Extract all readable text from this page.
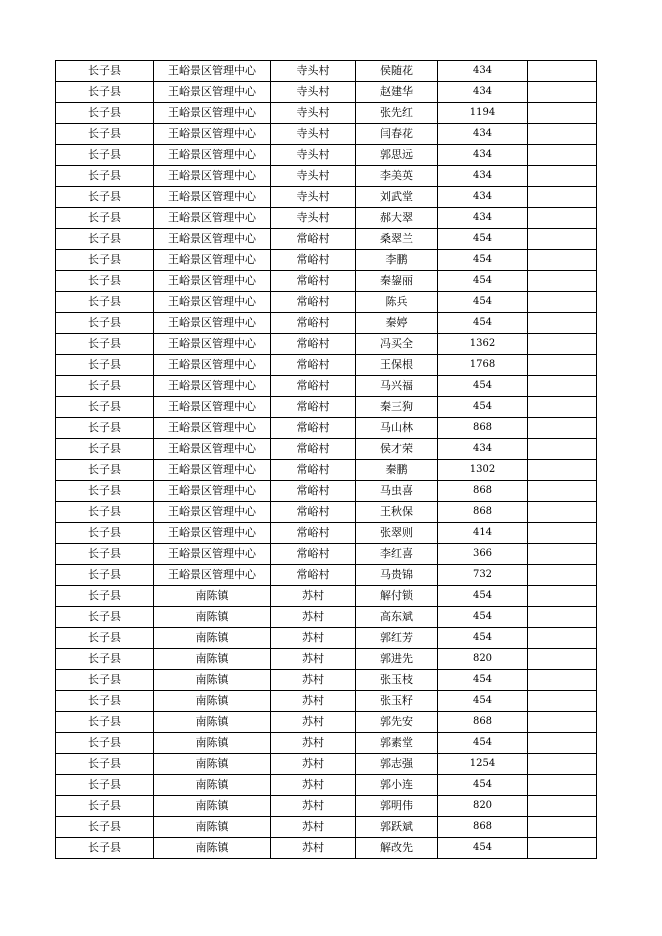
长子县	王峪景区管理中心	寺头村	侯随花	434	
长子县	王峪景区管理中心	寺头村	赵建华	434	
长子县	王峪景区管理中心	寺头村	张先红	1194	
长子县	王峪景区管理中心	寺头村	闫春花	434	
长子县	王峪景区管理中心	寺头村	郭思远	434	
长子县	王峪景区管理中心	寺头村	李美英	434	
长子县	王峪景区管理中心	寺头村	刘武堂	434	
长子县	王峪景区管理中心	寺头村	郝大翠	434	
长子县	王峪景区管理中心	常峪村	桑翠兰	454	
长子县	王峪景区管理中心	常峪村	李鹏	454	
长子县	王峪景区管理中心	常峪村	秦鋆丽	454	
长子县	王峪景区管理中心	常峪村	陈兵	454	
长子县	王峪景区管理中心	常峪村	秦婷	454	
长子县	王峪景区管理中心	常峪村	冯买全	1362	
长子县	王峪景区管理中心	常峪村	王保根	1768	
长子县	王峪景区管理中心	常峪村	马兴福	454	
长子县	王峪景区管理中心	常峪村	秦三狗	454	
长子县	王峪景区管理中心	常峪村	马山林	868	
长子县	王峪景区管理中心	常峪村	侯才荣	434	
长子县	王峪景区管理中心	常峪村	秦鹏	1302	
长子县	王峪景区管理中心	常峪村	马虫喜	868	
长子县	王峪景区管理中心	常峪村	王秋保	868	
长子县	王峪景区管理中心	常峪村	张翠则	414	
长子县	王峪景区管理中心	常峪村	李红喜	366	
长子县	王峪景区管理中心	常峪村	马贵锦	732	
长子县	南陈镇	苏村	解付锁	454	
长子县	南陈镇	苏村	高东斌	454	
长子县	南陈镇	苏村	郭红芳	454	
长子县	南陈镇	苏村	郭进先	820	
长子县	南陈镇	苏村	张玉枝	454	
长子县	南陈镇	苏村	张玉籽	454	
长子县	南陈镇	苏村	郭先安	868	
长子县	南陈镇	苏村	郭素堂	454	
长子县	南陈镇	苏村	郭志强	1254	
长子县	南陈镇	苏村	郭小连	454	
长子县	南陈镇	苏村	郭明伟	820	
长子县	南陈镇	苏村	郭跃斌	868	
长子县	南陈镇	苏村	解改先	454	
